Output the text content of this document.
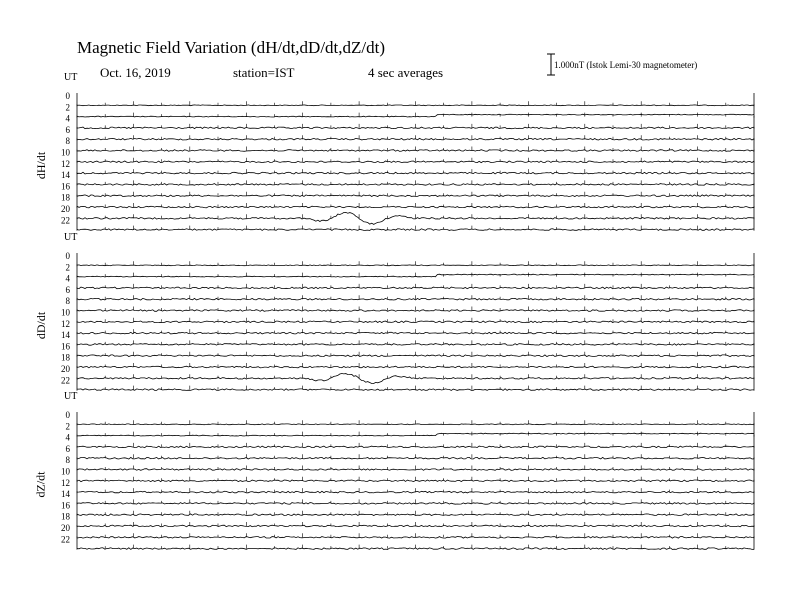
Magnetic Field Variation (dH/dt,dD/dt,dZ/dt)
Oct. 16, 2019	station=IST	4 sec averages	1.000nT (Istok Lemi-30 magnetometer)
UT
0
2
4
6
8
10
12
14
16
18
20
22
UT
0
2
4
6
8
10
12
14
16
18
20
22
UT
0
2
4
6
8
10
12
14
16
18
20
22
dH/dt
dD/dt
dZ/dt
